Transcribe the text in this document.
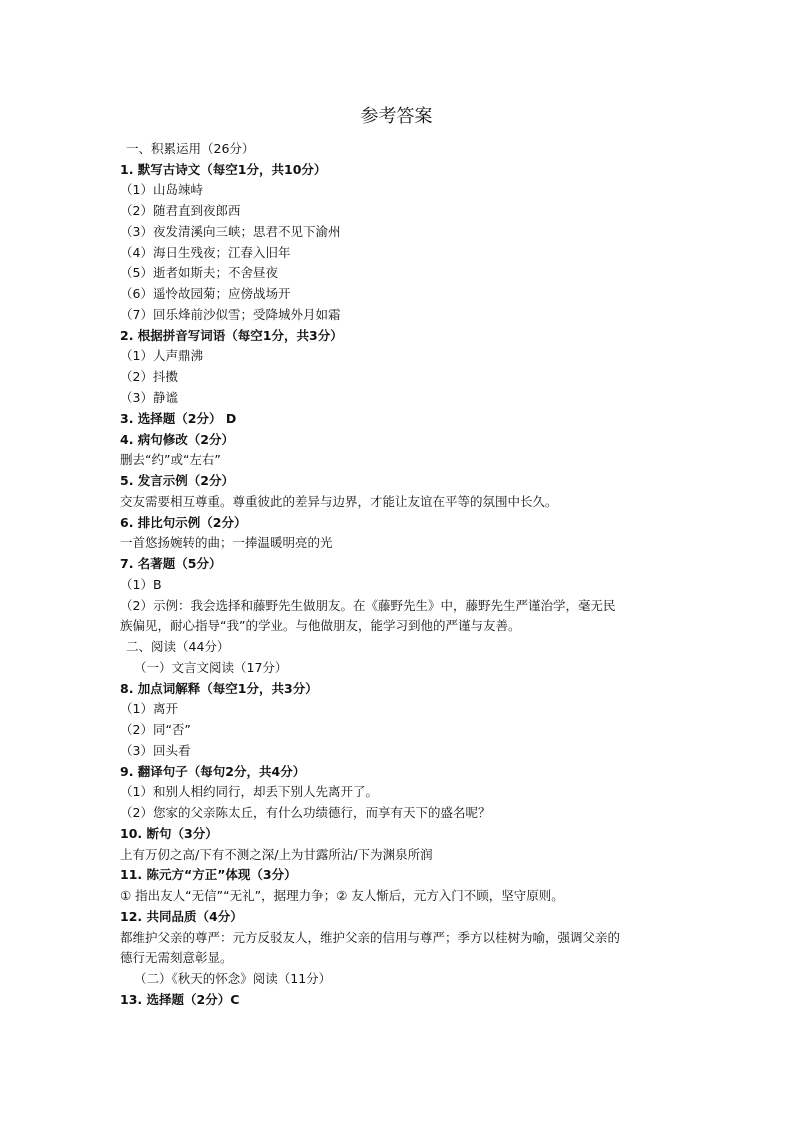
参考答案
一、积累运用（26分）
1. 默写古诗文（每空1分，共10分）
（1）山岛竦峙
（2）随君直到夜郎西
（3）夜发清溪向三峡；思君不见下渝州
（4）海日生残夜；江春入旧年
（5）逝者如斯夫；不舍昼夜
（6）遥怜故园菊；应傍战场开
（7）回乐烽前沙似雪；受降城外月如霜
2. 根据拼音写词语（每空1分，共3分）
（1）人声鼎沸
（2）抖擞
（3）静谧
3. 选择题（2分） D
4. 病句修改（2分）
删去“约”或“左右”
5. 发言示例（2分）
交友需要相互尊重。尊重彼此的差异与边界，才能让友谊在平等的氛围中长久。
6. 排比句示例（2分）
一首悠扬婉转的曲；一捧温暖明亮的光
7. 名著题（5分）
（1）B
（2）示例：我会选择和藤野先生做朋友。在《藤野先生》中，藤野先生严谨治学，毫无民
族偏见，耐心指导“我”的学业。与他做朋友，能学习到他的严谨与友善。
二、阅读（44分）
（一）文言文阅读（17分）
8. 加点词解释（每空1分，共3分）
（1）离开
（2）同“否”
（3）回头看
9. 翻译句子（每句2分，共4分）
（1）和别人相约同行，却丢下别人先离开了。
（2）您家的父亲陈太丘，有什么功绩德行，而享有天下的盛名呢？
10. 断句（3分）
上有万仞之高/下有不测之深/上为甘露所沾/下为渊泉所润
11. 陈元方“方正”体现（3分）
① 指出友人“无信”“无礼”，据理力争；② 友人惭后，元方入门不顾，坚守原则。
12. 共同品质（4分）
都维护父亲的尊严：元方反驳友人，维护父亲的信用与尊严；季方以桂树为喻，强调父亲的
德行无需刻意彰显。
（二）《秋天的怀念》阅读（11分）
13. 选择题（2分）C
